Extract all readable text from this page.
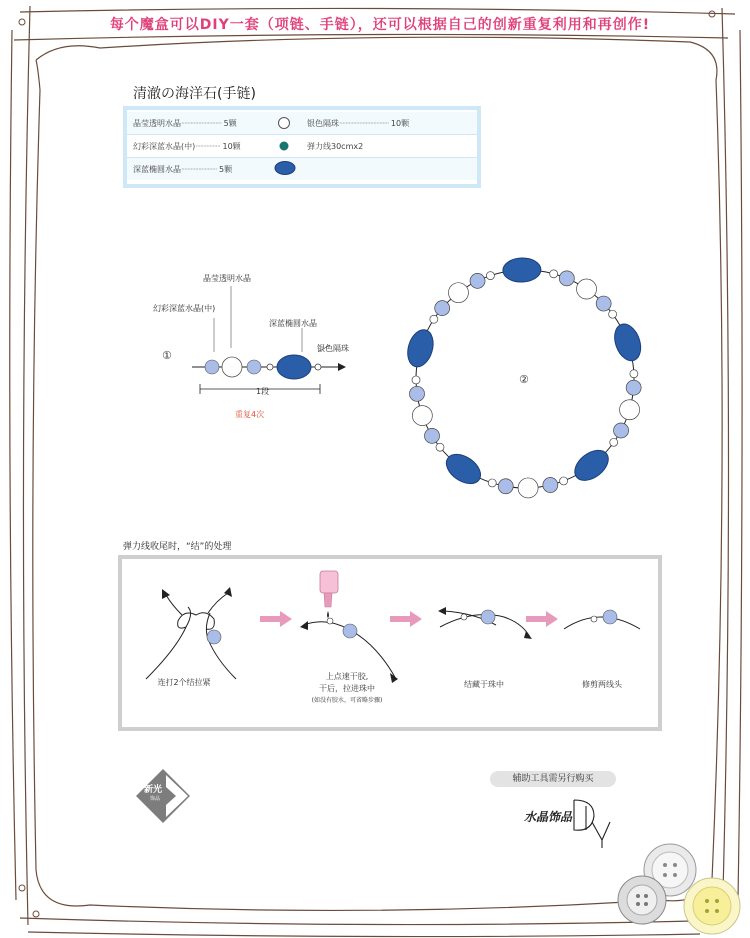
每个魔盒可以DIY一套（项链、手链），还可以根据自己的创新重复利用和再创作!
清澈の海洋石(手链)
晶莹透明水晶·························· 5颗	银色隔珠································ 10颗
幻彩深蓝水晶(中)················ 10颗	弹力线30cmx2
深蓝椭圆水晶······················· 5颗
①
晶莹透明水晶
幻彩深蓝水晶(中)
深蓝椭圆水晶
银色隔珠
1段
重复4次
②
弹力线收尾时，“结”的处理
连打2个结拉紧
上点速干胶,
干后，拉进珠中
(如没有胶水，可省略步骤)
结藏于珠中	修剪两线头
新光
饰品
辅助工具需另行购买
水晶饰品
